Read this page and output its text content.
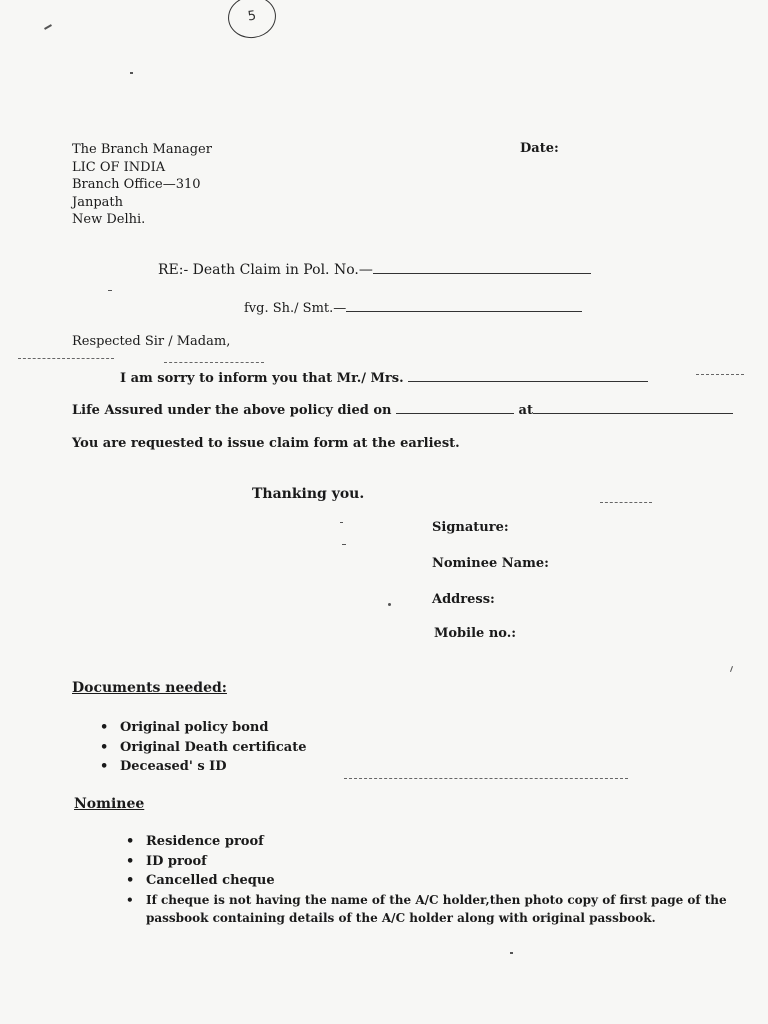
5
The Branch Manager
LIC OF INDIA
Branch Office—310
Janpath
New Delhi.
Date:
RE:- Death Claim in Pol. No.—
fvg. Sh./ Smt.—
Respected Sir / Madam,
I am sorry to inform you that Mr./ Mrs.
Life Assured under the above policy died on	at
You are requested to issue claim form at the earliest.
Thanking you.
Signature:
Nominee Name:
Address:
Mobile no.:
Documents needed:
• Original policy bond
• Original Death certificate
• Deceased' s ID
Nominee
• Residence proof
• ID proof
• Cancelled cheque
• If cheque is not having the name of the A/C holder,then photo copy of first page of the passbook containing details of the A/C holder along with original passbook.
